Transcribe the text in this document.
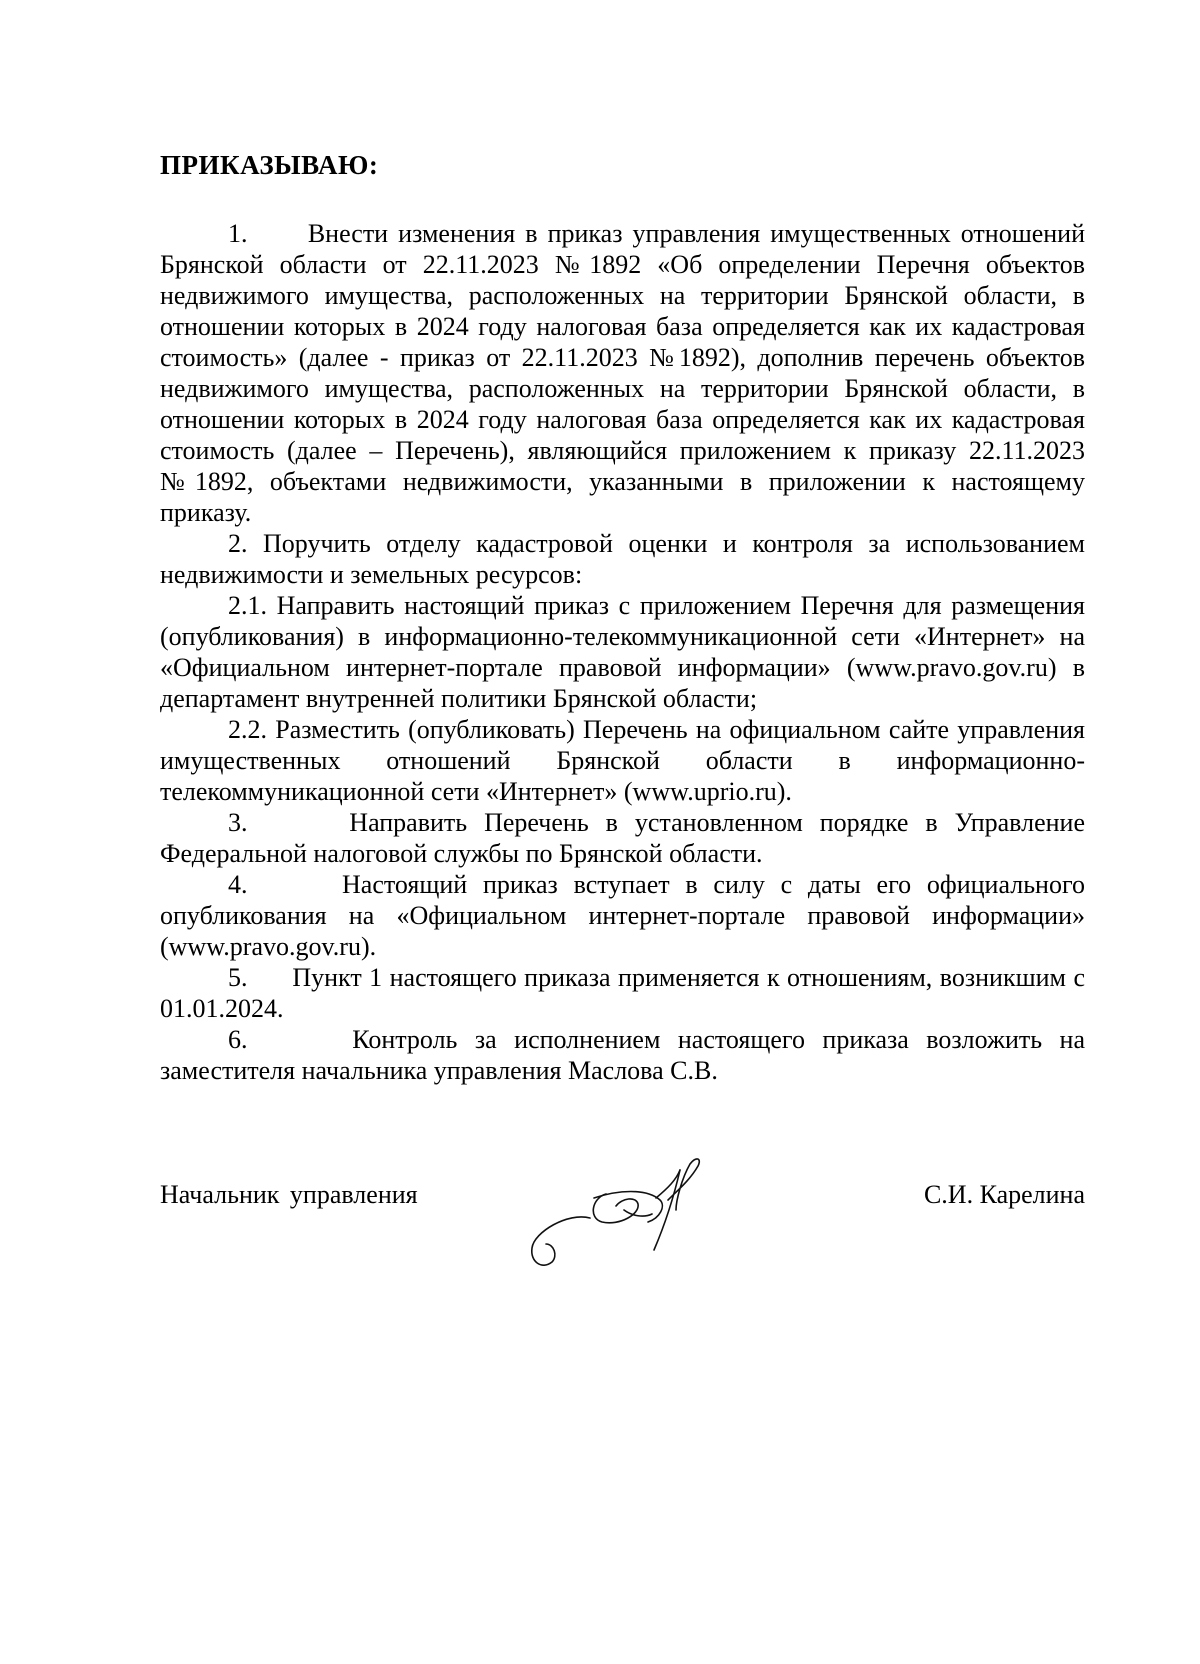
ПРИКАЗЫВАЮ:

1.      Внести изменения в приказ управления имущественных отношений Брянской области от 22.11.2023 №1892 «Об определении Перечня объектов недвижимого имущества, расположенных на территории Брянской области, в отношении которых в 2024 году налоговая база определяется как их кадастровая стоимость» (далее - приказ от 22.11.2023 №1892), дополнив перечень объектов недвижимого имущества, расположенных на территории Брянской области, в отношении которых в 2024 году налоговая база определяется как их кадастровая стоимость (далее – Перечень), являющийся приложением к приказу 22.11.2023 №1892, объектами недвижимости, указанными в приложении к настоящему приказу.

2. Поручить отделу кадастровой оценки и контроля за использованием недвижимости и земельных ресурсов:

2.1. Направить настоящий приказ с приложением Перечня для размещения (опубликования) в информационно-телекоммуникационной сети «Интернет» на «Официальном интернет-портале правовой информации» (www.pravo.gov.ru) в департамент внутренней политики Брянской области;

2.2. Разместить (опубликовать) Перечень на официальном сайте управления имущественных отношений Брянской области в информационно-телекоммуникационной сети «Интернет» (www.uprio.ru).

3.      Направить Перечень в установленном порядке в Управление Федеральной налоговой службы по Брянской области.

4.      Настоящий приказ вступает в силу с даты его официального опубликования на «Официальном интернет-портале правовой информации» (www.pravo.gov.ru).

5.      Пункт 1 настоящего приказа применяется к отношениям, возникшим с 01.01.2024.

6.      Контроль за исполнением настоящего приказа возложить на заместителя начальника управления Маслова С.В.

Начальник управления	С.И. Карелина
